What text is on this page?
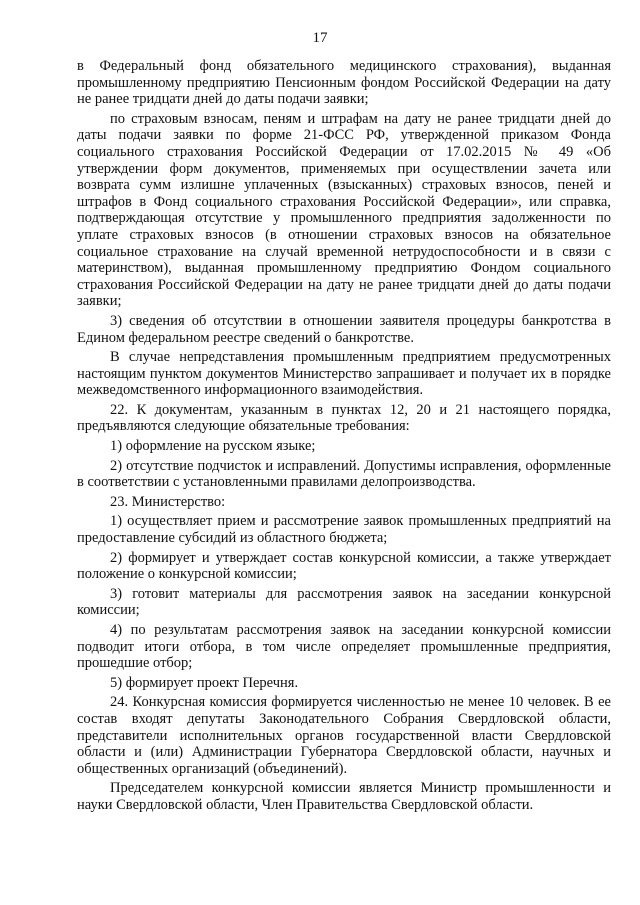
17

в Федеральный фонд обязательного медицинского страхования), выданная промышленному предприятию Пенсионным фондом Российской Федерации на дату не ранее тридцати дней до даты подачи заявки;

по страховым взносам, пеням и штрафам на дату не ранее тридцати дней до даты подачи заявки по форме 21-ФСС РФ, утвержденной приказом Фонда социального страхования Российской Федерации от 17.02.2015 № 49 «Об утверждении форм документов, применяемых при осуществлении зачета или возврата сумм излишне уплаченных (взысканных) страховых взносов, пеней и штрафов в Фонд социального страхования Российской Федерации», или справка, подтверждающая отсутствие у промышленного предприятия задолженности по уплате страховых взносов (в отношении страховых взносов на обязательное социальное страхование на случай временной нетрудоспособности и в связи с материнством), выданная промышленному предприятию Фондом социального страхования Российской Федерации на дату не ранее тридцати дней до даты подачи заявки;

3) сведения об отсутствии в отношении заявителя процедуры банкротства в Едином федеральном реестре сведений о банкротстве.

В случае непредставления промышленным предприятием предусмотренных настоящим пунктом документов Министерство запрашивает и получает их в порядке межведомственного информационного взаимодействия.

22. К документам, указанным в пунктах 12, 20 и 21 настоящего порядка, предъявляются следующие обязательные требования:

1) оформление на русском языке;

2) отсутствие подчисток и исправлений. Допустимы исправления, оформленные в соответствии с установленными правилами делопроизводства.

23. Министерство:

1) осуществляет прием и рассмотрение заявок промышленных предприятий на предоставление субсидий из областного бюджета;

2) формирует и утверждает состав конкурсной комиссии, а также утверждает положение о конкурсной комиссии;

3) готовит материалы для рассмотрения заявок на заседании конкурсной комиссии;

4) по результатам рассмотрения заявок на заседании конкурсной комиссии подводит итоги отбора, в том числе определяет промышленные предприятия, прошедшие отбор;

5) формирует проект Перечня.

24. Конкурсная комиссия формируется численностью не менее 10 человек. В ее состав входят депутаты Законодательного Собрания Свердловской области, представители исполнительных органов государственной власти Свердловской области и (или) Администрации Губернатора Свердловской области, научных и общественных организаций (объединений).

Председателем конкурсной комиссии является Министр промышленности и науки Свердловской области, Член Правительства Свердловской области.
